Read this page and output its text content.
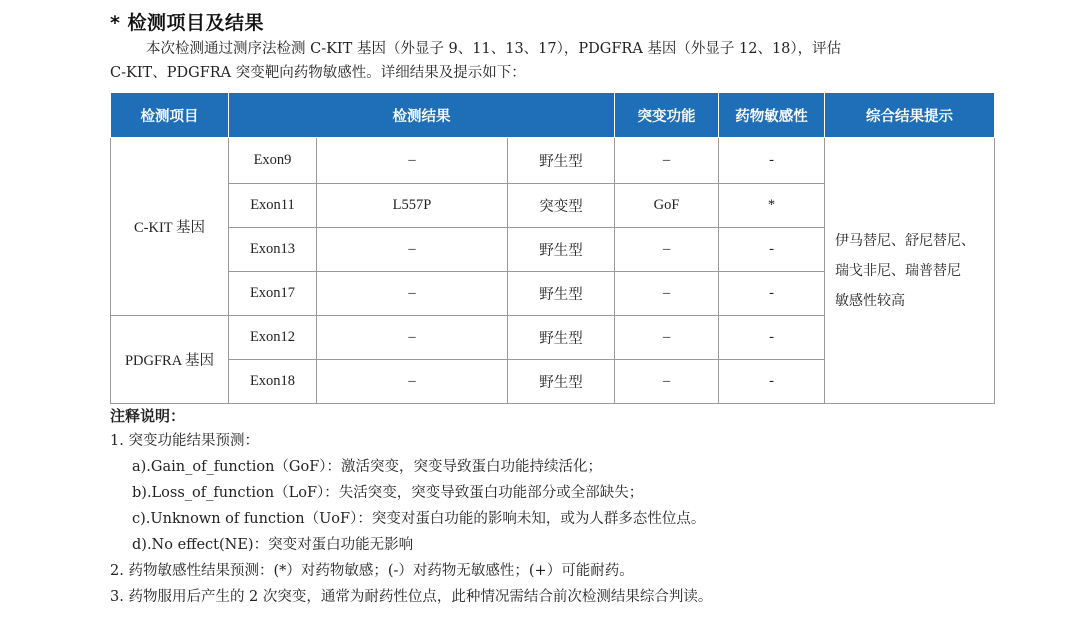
* 检测项目及结果
本次检测通过测序法检测 C-KIT 基因（外显子 9、11、13、17），PDGFRA 基因（外显子 12、18），评估
C-KIT、PDGFRA 突变靶向药物敏感性。详细结果及提示如下：
检测项目	检测结果			突变功能	药物敏感性	综合结果提示
C-KIT 基因	Exon9	–	野生型	–	-	伊马替尼、舒尼替尼、
瑞戈非尼、瑞普替尼
敏感性较高

	Exon11	L557P	突变型	GoF	*	
	Exon13	–	野生型	–	-	
	Exon17	–	野生型	–	-	
PDGFRA 基因	Exon12	–	野生型	–	-	
	Exon18	–	野生型	–	-	
注释说明：
1. 突变功能结果预测：
a).Gain_of_function（GoF）：激活突变，突变导致蛋白功能持续活化；
b).Loss_of_function（LoF）：失活突变，突变导致蛋白功能部分或全部缺失；
c).Unknown of function（UoF）：突变对蛋白功能的影响未知，或为人群多态性位点。
d).No effect(NE)：突变对蛋白功能无影响
2. 药物敏感性结果预测：(*）对药物敏感；(-）对药物无敏感性；(+）可能耐药。
3. 药物服用后产生的 2 次突变，通常为耐药性位点，此种情况需结合前次检测结果综合判读。
